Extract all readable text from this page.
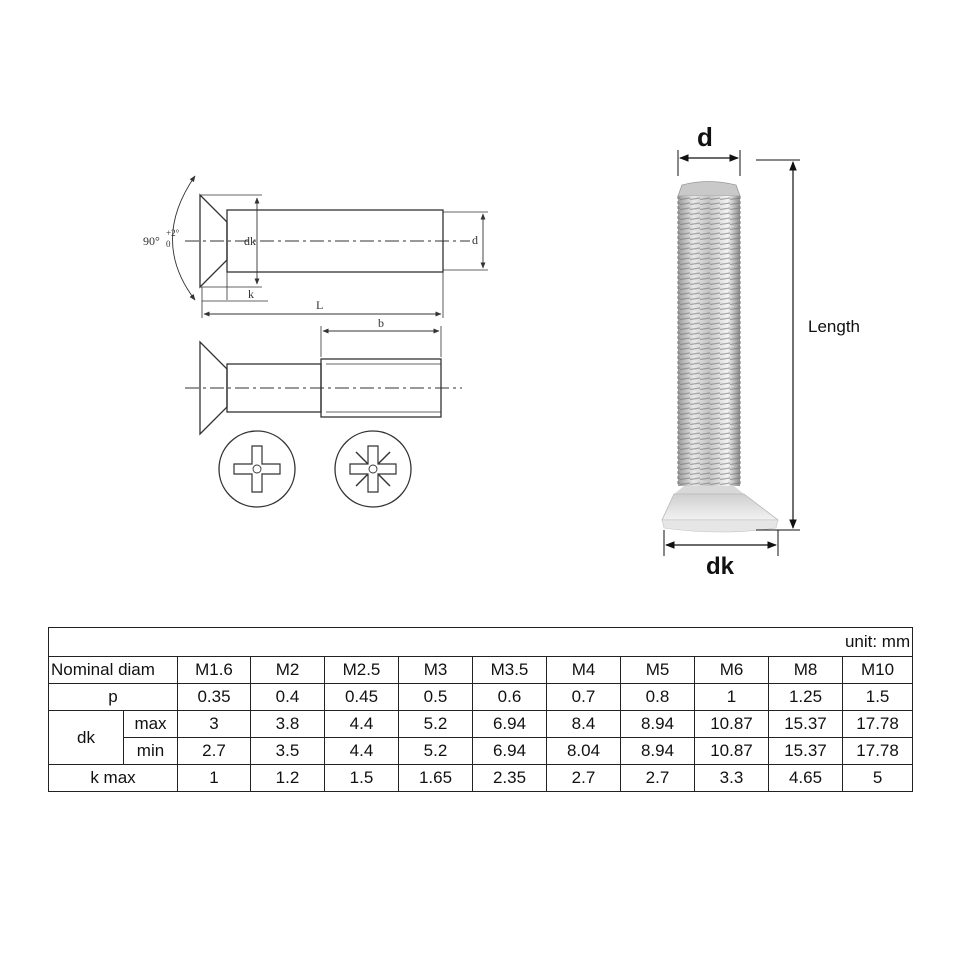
90°
+2°
0	dk	d
k
L
b
d
Length
dk
unit: mm											
Nominal diam		M1.6	M2	M2.5	M3	M3.5	M4	M5	M6	M8	M10
p		0.35	0.4	0.45	0.5	0.6	0.7	0.8	1	1.25	1.5
dk	max	3	3.8	4.4	5.2	6.94	8.4	8.94	10.87	15.37	17.78
	min	2.7	3.5	4.4	5.2	6.94	8.04	8.94	10.87	15.37	17.78
k max		1	1.2	1.5	1.65	2.35	2.7	2.7	3.3	4.65	5
